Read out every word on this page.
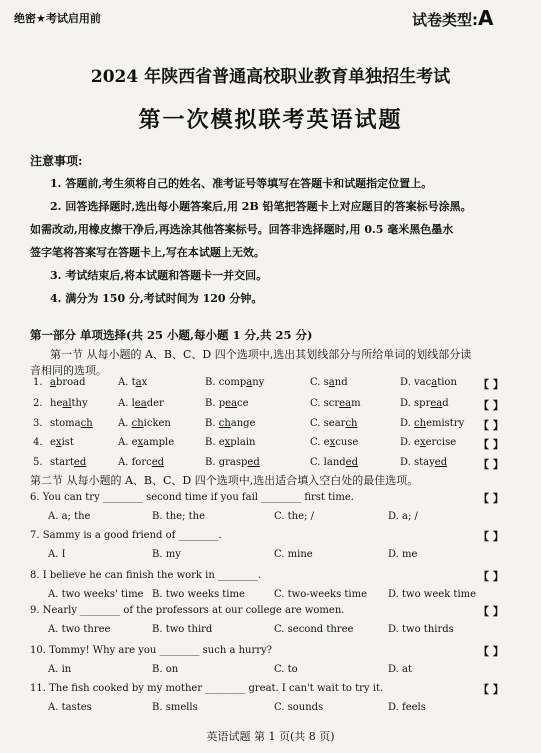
绝密★考试启用前	试卷类型:A
2024 年陕西省普通高校职业教育单独招生考试
第一次模拟联考英语试题
注意事项:
1. 答题前,考生须将自己的姓名、准考证号等填写在答题卡和试题指定位置上。
2. 回答选择题时,选出每小题答案后,用 2B 铅笔把答题卡上对应题目的答案标号涂黑。
如需改动,用橡皮擦干净后,再选涂其他答案标号。回答非选择题时,用 0.5 毫米黑色墨水
签字笔将答案写在答题卡上,写在本试题上无效。
3. 考试结束后,将本试题和答题卡一并交回。
4. 满分为 150 分,考试时间为 120 分钟。
第一部分 单项选择(共 25 小题,每小题 1 分,共 25 分)
第一节 从每小题的 A、B、C、D 四个选项中,选出其划线部分与所给单词的划线部分读
音相同的选项。
1. abroad	A. tax	B. company	C. sand	D. vacation 【 】
2. healthy	A. leader	B. peace	C. scream	D. spread	【 】
3. stomach	A. chicken	B. change	C. search	D. chemistry 【 】
4. exist	A. example	B. explain	C. excuse	D. exercise 【 】
5. started	A. forced	B. grasped	C. landed	D. stayed	【 】
第二节 从每小题的 A、B、C、D 四个选项中,选出适合填入空白处的最佳选项。
6. You can try ________ second time if you fail ________ first time.	【 】
A. a; the	B. the; the	C. the; /	D. a; /
7. Sammy is a good friend of ________.	【 】
A. I	B. my	C. mine	D. me
8. I believe he can finish the work in ________.	【 】
A. two weeks' time B. two weeks time	C. two-weeks time D. two week time
9. Nearly ________ of the professors at our college are women.	【 】
A. two three	B. two third	C. second three	D. two thirds
10. Tommy! Why are you ________ such a hurry?	【 】
A. in	B. on	C. to	D. at
11. The fish cooked by my mother ________ great. I can't wait to try it.	【 】
A. tastes	B. smells	C. sounds	D. feels
英语试题 第 1 页(共 8 页)
